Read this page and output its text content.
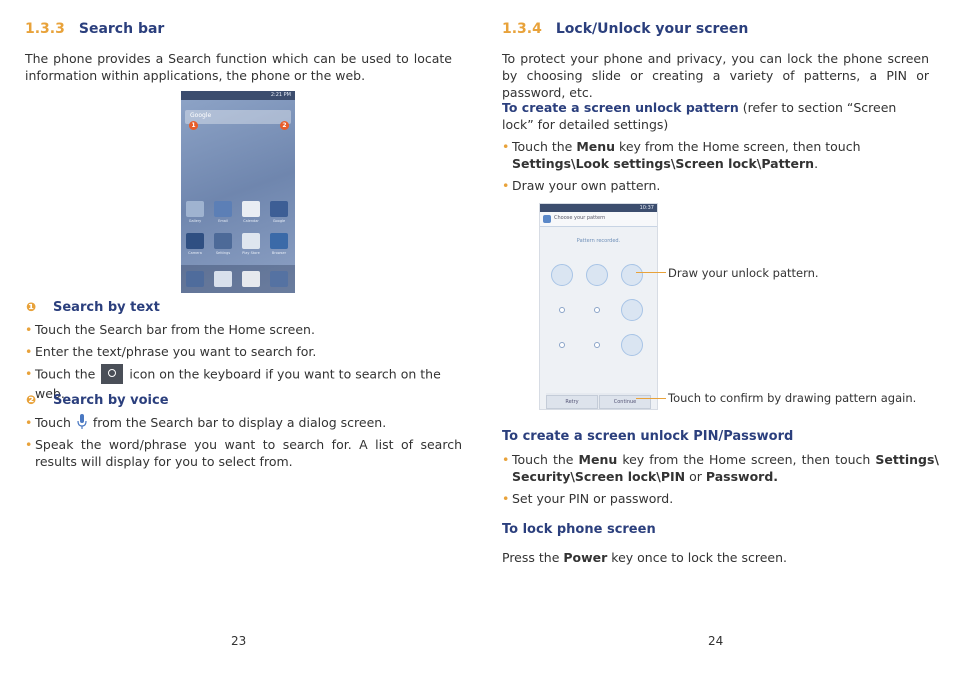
1.3.3 Search bar
The phone provides a Search function which can be used to locate information within applications, the phone or the web.
2:21 PM
Google
1	2
Gallery	Email	Calendar	Google
Camera	Settings	Play Store	Browser
❶ Search by text
• Touch the Search bar from the Home screen.
• Enter the text/phrase you want to search for.
• Touch the	icon on the keyboard if you want to search on the web.
❷ Search by voice
• Touch from the Search bar to display a dialog screen.
• Speak the word/phrase you want to search for. A list of search results will display for you to select from.
23
1.3.4 Lock/Unlock your screen
To protect your phone and privacy, you can lock the phone screen by choosing slide or creating a variety of patterns, a PIN or password, etc.
To create a screen unlock pattern (refer to section “Screen lock” for detailed settings)
• Touch the Menu key from the Home screen, then touch Settings\Look settings\Screen lock\Pattern.
• Draw your own pattern.
10:37
Choose your pattern
Pattern recorded.
Retry	Continue
Draw your unlock pattern.
Touch to confirm by drawing pattern again.
To create a screen unlock PIN/Password
• Touch the Menu key from the Home screen, then touch Settings\ Security\Screen lock\PIN or Password.
• Set your PIN or password.
To lock phone screen
Press the Power key once to lock the screen.
24
